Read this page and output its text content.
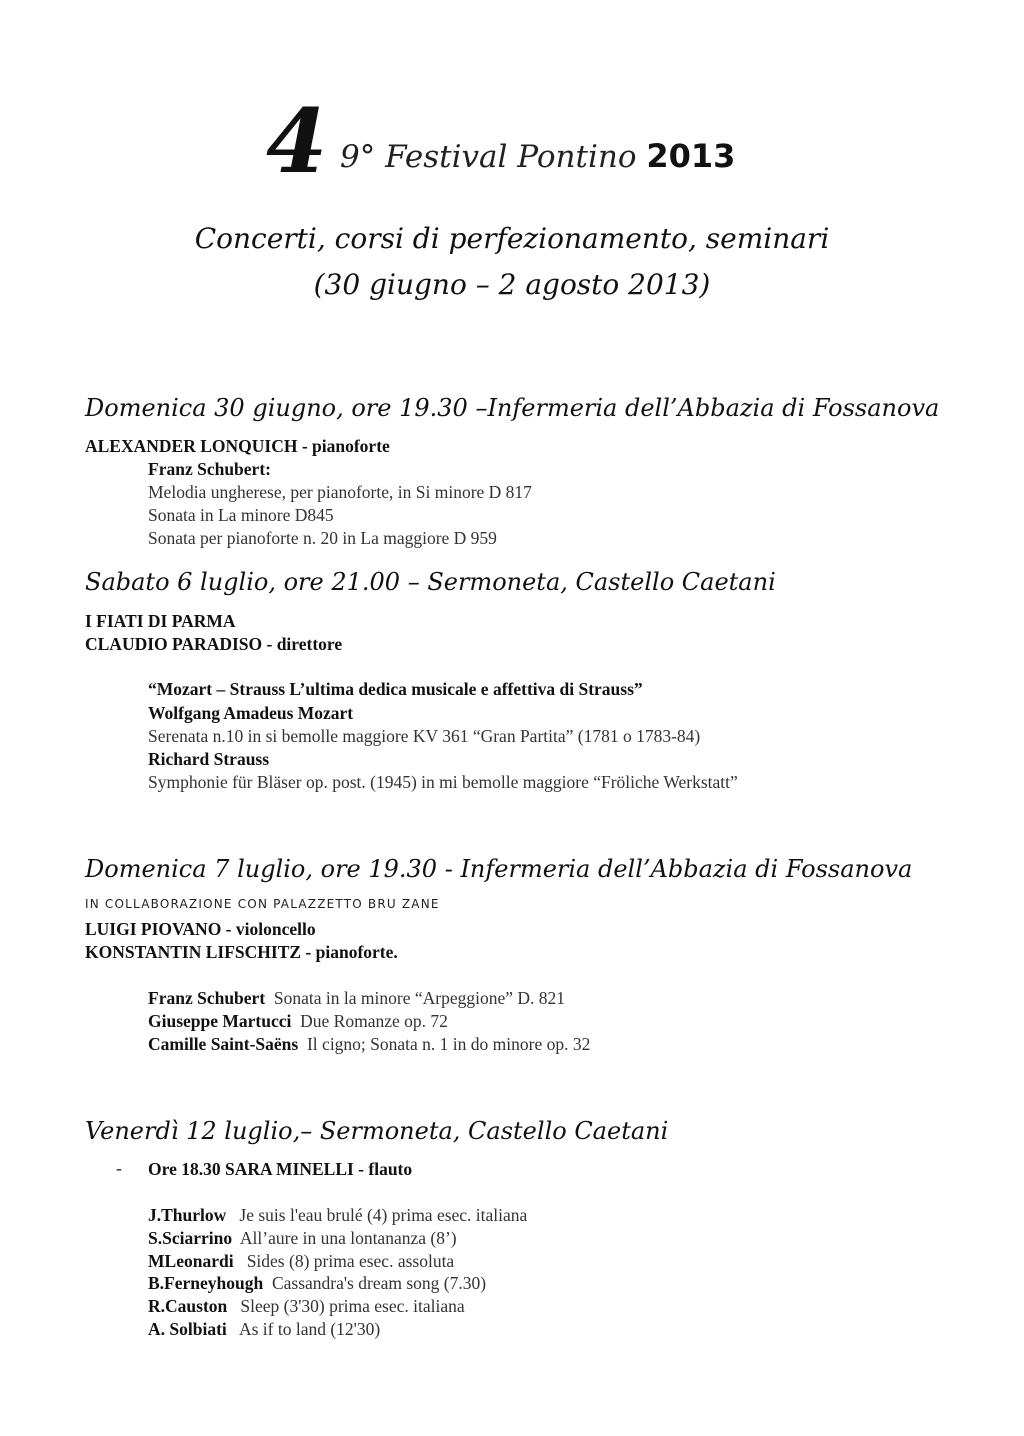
4 9° Festival Pontino 2013
Concerti, corsi di perfezionamento, seminari
(30 giugno – 2 agosto 2013)
Domenica 30 giugno, ore 19.30 –Infermeria dell’Abbazia di Fossanova
ALEXANDER LONQUICH - pianoforte
Franz Schubert:
Melodia ungherese, per pianoforte, in Si minore D 817
Sonata in La minore D845
Sonata per pianoforte n. 20 in La maggiore D 959
Sabato 6 luglio, ore 21.00 – Sermoneta, Castello Caetani
I FIATI DI PARMA
CLAUDIO PARADISO - direttore
“Mozart – Strauss L’ultima dedica musicale e affettiva di Strauss”
Wolfgang Amadeus Mozart
Serenata n.10 in si bemolle maggiore KV 361 “Gran Partita” (1781 o 1783-84)
Richard Strauss
Symphonie für Bläser op. post. (1945) in mi bemolle maggiore “Fröliche Werkstatt”
Domenica 7 luglio, ore 19.30 - Infermeria dell’Abbazia di Fossanova
IN COLLABORAZIONE CON PALAZZETTO BRU ZANE
LUIGI PIOVANO - violoncello
KONSTANTIN LIFSCHITZ - pianoforte.
Franz Schubert Sonata in la minore “Arpeggione” D. 821
Giuseppe Martucci Due Romanze op. 72
Camille Saint-Saëns Il cigno; Sonata n. 1 in do minore op. 32
Venerdì 12 luglio,– Sermoneta, Castello Caetani
- Ore 18.30 SARA MINELLI - flauto
J.Thurlow Je suis l'eau brulé (4) prima esec. italiana
S.Sciarrino All’aure in una lontananza (8’)
MLeonardi Sides (8) prima esec. assoluta
B.Ferneyhough Cassandra's dream song (7.30)
R.Causton Sleep (3'30) prima esec. italiana
A. Solbiati As if to land (12'30)
